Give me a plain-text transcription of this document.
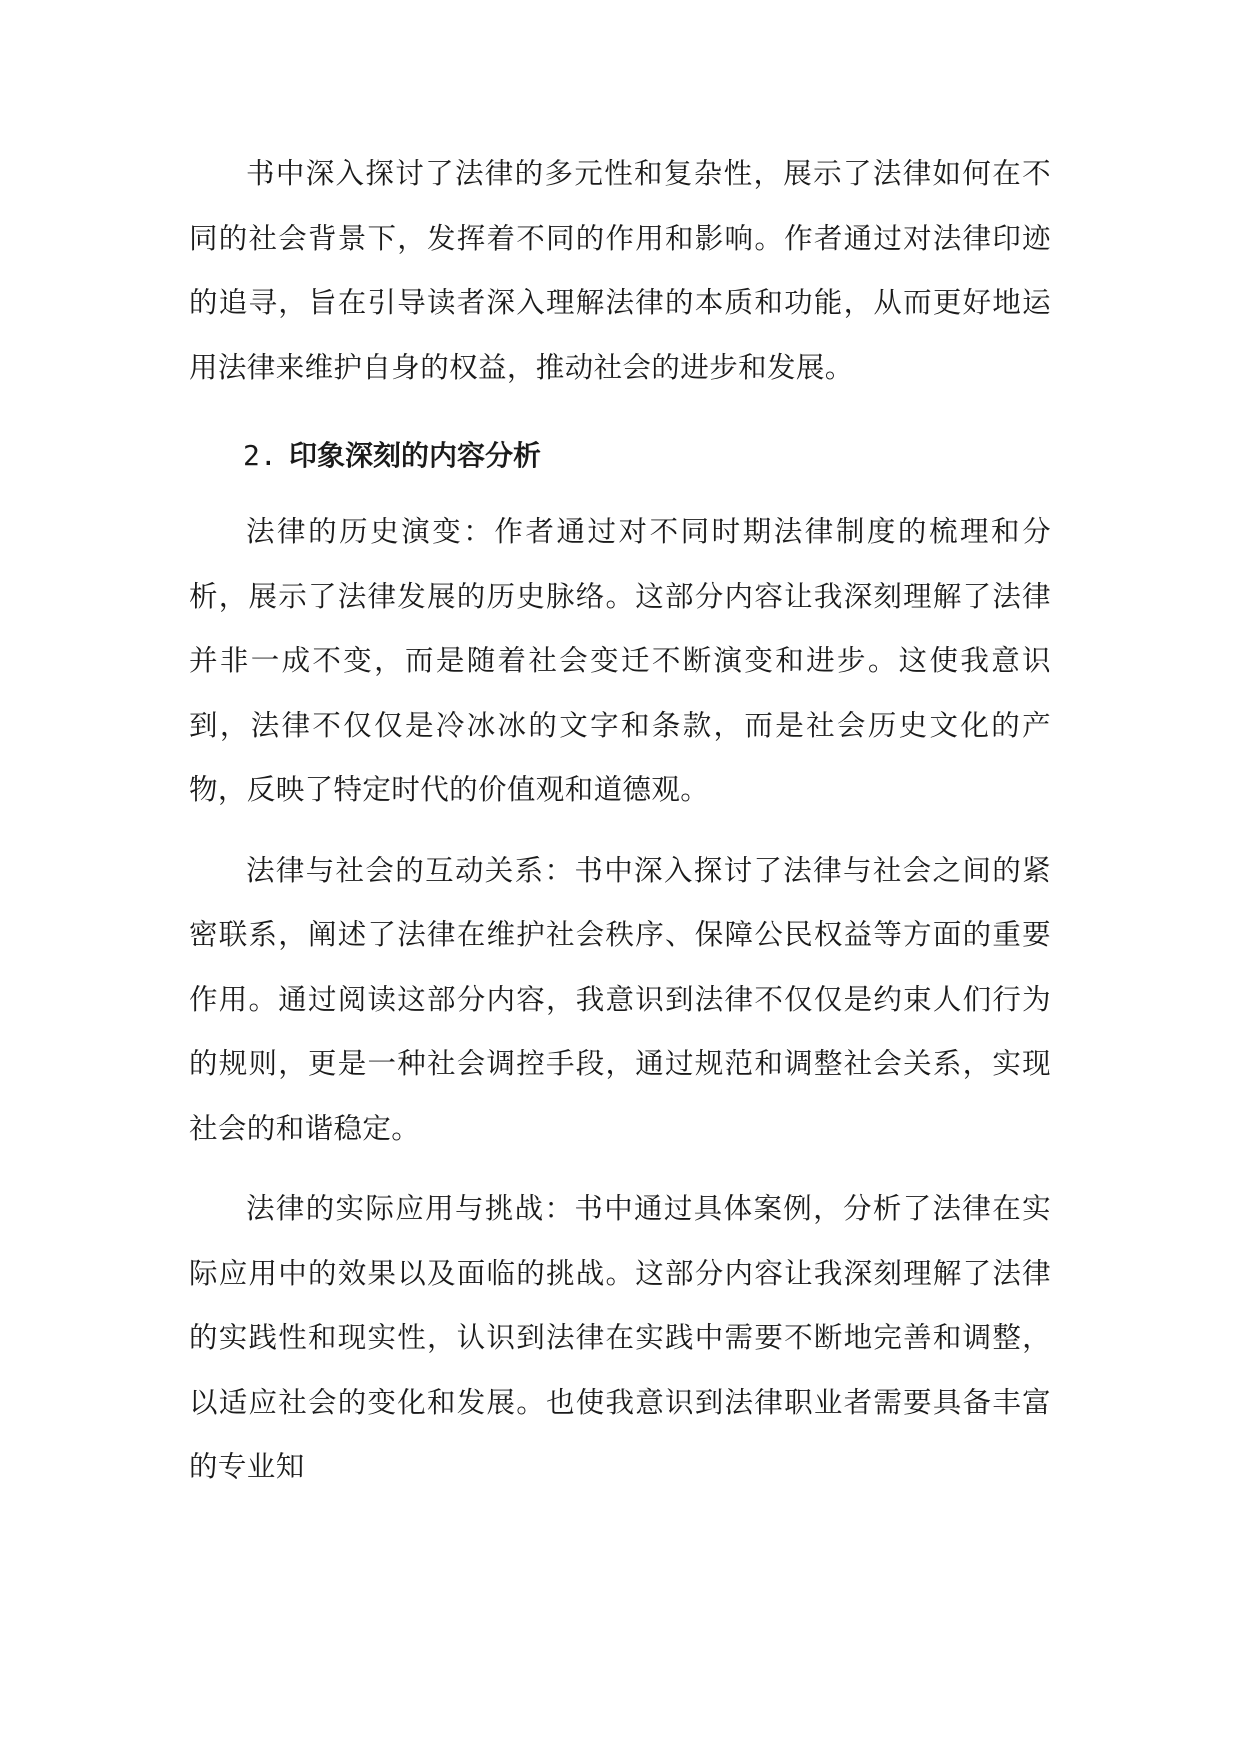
书中深入探讨了法律的多元性和复杂性，展示了法律如何在不同的社会背景下，发挥着不同的作用和影响。作者通过对法律印迹的追寻，旨在引导读者深入理解法律的本质和功能，从而更好地运用法律来维护自身的权益，推动社会的进步和发展。

2. 印象深刻的内容分析

法律的历史演变：作者通过对不同时期法律制度的梳理和分析，展示了法律发展的历史脉络。这部分内容让我深刻理解了法律并非一成不变，而是随着社会变迁不断演变和进步。这使我意识到，法律不仅仅是冷冰冰的文字和条款，而是社会历史文化的产物，反映了特定时代的价值观和道德观。

法律与社会的互动关系：书中深入探讨了法律与社会之间的紧密联系，阐述了法律在维护社会秩序、保障公民权益等方面的重要作用。通过阅读这部分内容，我意识到法律不仅仅是约束人们行为的规则，更是一种社会调控手段，通过规范和调整社会关系，实现社会的和谐稳定。

法律的实际应用与挑战：书中通过具体案例，分析了法律在实际应用中的效果以及面临的挑战。这部分内容让我深刻理解了法律的实践性和现实性，认识到法律在实践中需要不断地完善和调整，以适应社会的变化和发展。也使我意识到法律职业者需要具备丰富的专业知
